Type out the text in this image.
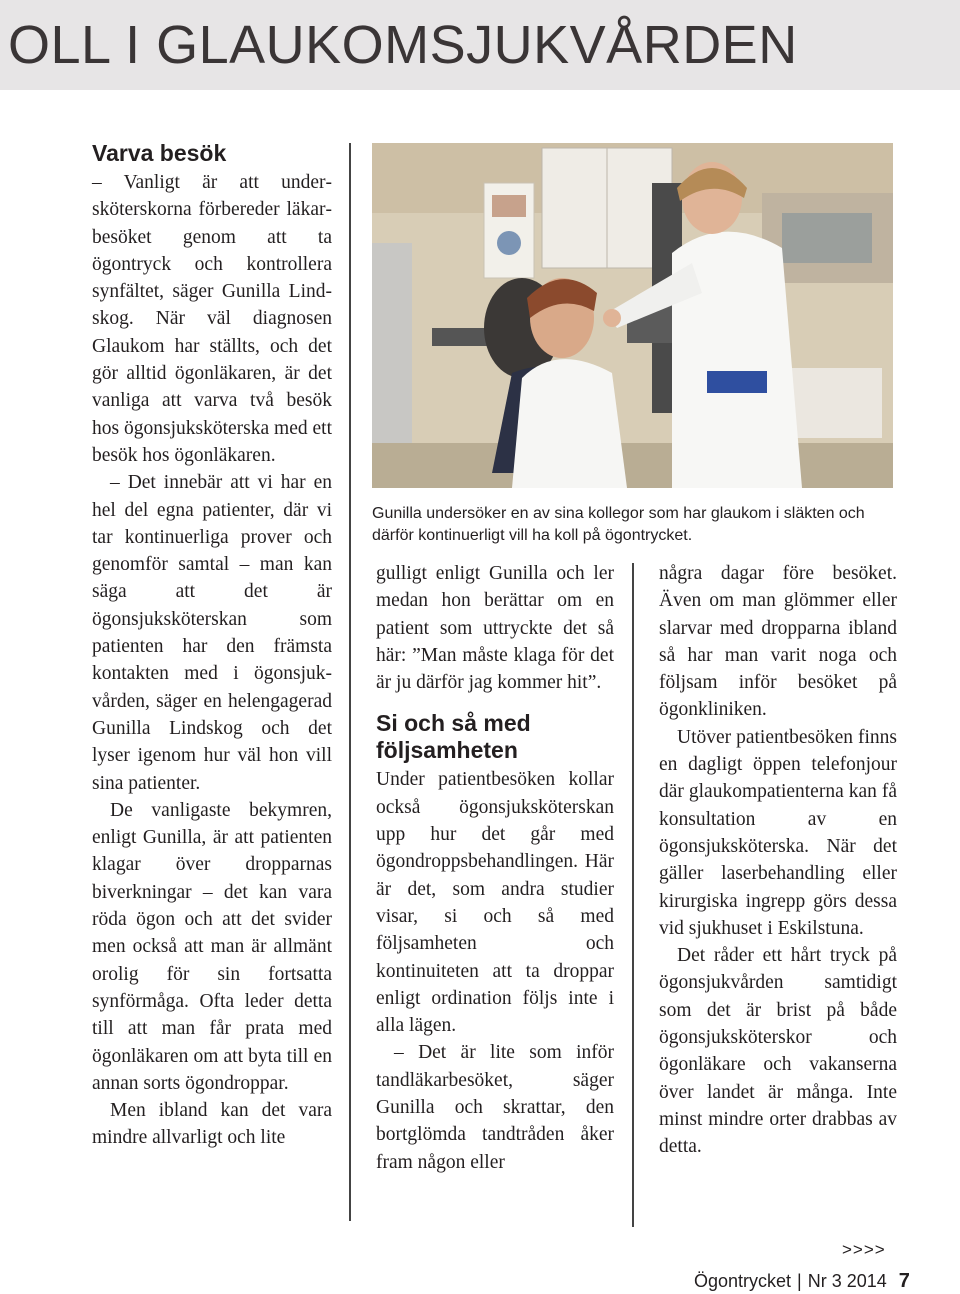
OLL I GLAUKOMSJUKVÅRDEN
Varva besök

– Vanligt är att undersköterskorna förbereder läkarbesöket genom att ta ögontryck och kontrollera synfältet, säger Gunilla Lindskog. När väl diagnosen Glaukom har ställts, och det gör alltid ögonläkaren, är det vanliga att varva två besök hos ögonsjuksköterska med ett besök hos ögonläkaren.

– Det innebär att vi har en hel del egna patienter, där vi tar kontinuerliga prover och genomför samtal – man kan säga att det är ögonsjuksköterskan som patienten har den främsta kontakten med i ögonsjukvården, säger en helengagerad Gunilla Lindskog och det lyser igenom hur väl hon vill sina patienter.

De vanligaste bekymren, enligt Gunilla, är att patienten klagar över dropparnas biverkningar – det kan vara röda ögon och att det svider men också att man är allmänt orolig för sin fortsatta synförmåga. Ofta leder detta till att man får prata med ögonläkaren om att byta till en annan sorts ögondroppar.

Men ibland kan det vara mindre allvarligt och lite

Gunilla undersöker en av sina kollegor som har glaukom i släkten och därför kontinuerligt vill ha koll på ögontrycket.

gulligt enligt Gunilla och ler medan hon berättar om en patient som uttryckte det så här: ”Man måste klaga för det är ju därför jag kommer hit”.

Si och så med följsamheten

Under patientbesöken kollar också ögonsjuksköterskan upp hur det går med ögondroppsbehandlingen. Här är det, som andra studier visar, si och så med följsamheten och kontinuiteten att ta droppar enligt ordination följs inte i alla lägen.

– Det är lite som inför tandläkarbesöket, säger Gunilla och skrattar, den bortglömda tandtråden åker fram någon eller

några dagar före besöket. Även om man glömmer eller slarvar med dropparna ibland så har man varit noga och följsam inför besöket på ögonkliniken.

Utöver patientbesöken finns en dagligt öppen telefonjour där glaukompatienterna kan få konsultation av en ögonsjuksköterska. När det gäller laserbehandling eller kirurgiska ingrepp görs dessa vid sjukhuset i Eskilstuna.

Det råder ett hårt tryck på ögonsjukvården samtidigt som det är brist på både ögonsjuksköterskor och ögonläkare och vakanserna över landet är många. Inte minst mindre orter drabbas av detta.

>>>>
Ögontrycket | Nr 3 2014 7
